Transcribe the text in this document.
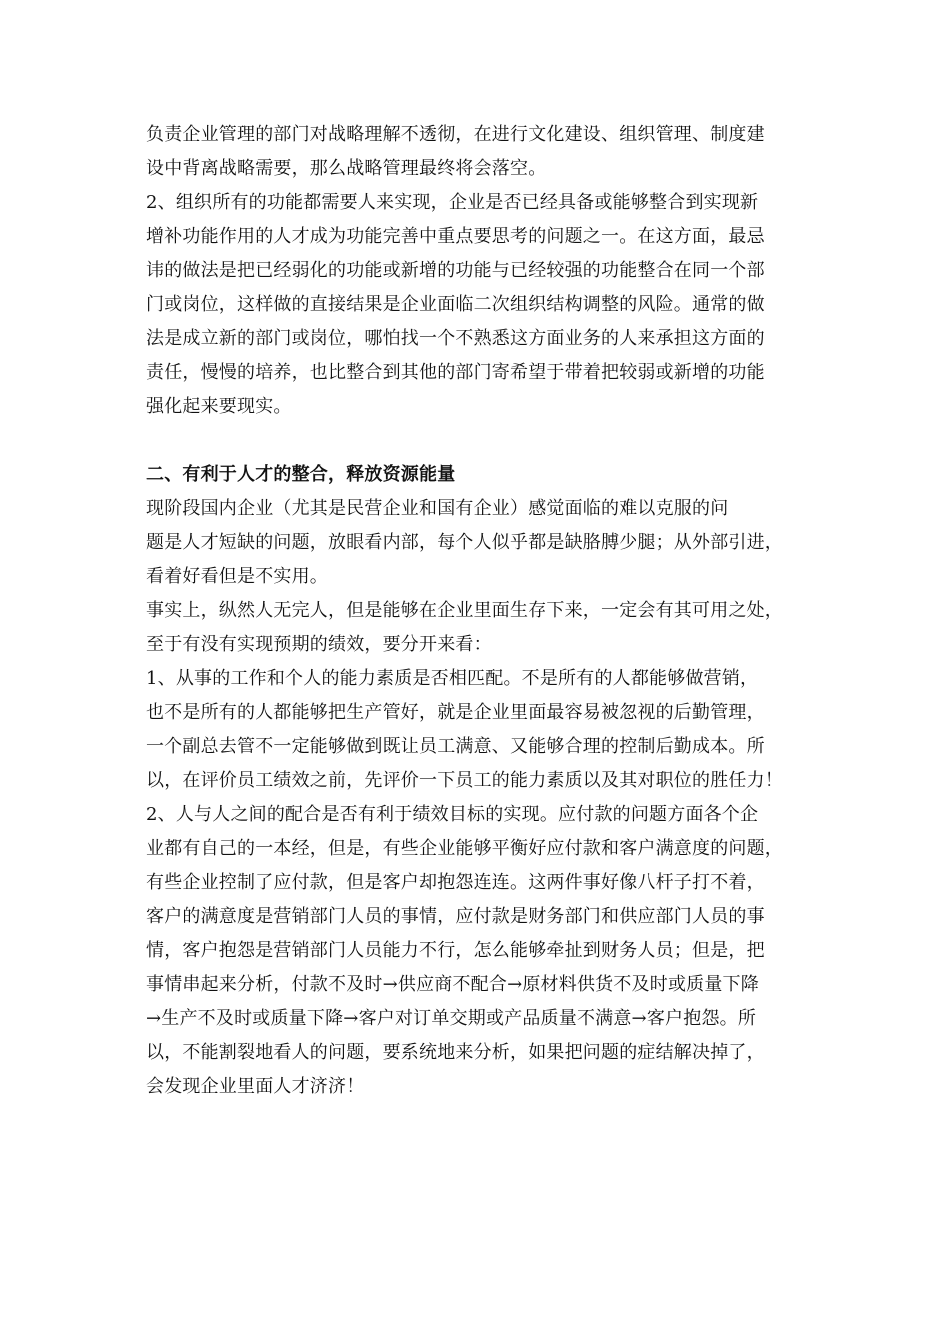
负责企业管理的部门对战略理解不透彻，在进行文化建设、组织管理、制度建
设中背离战略需要，那么战略管理最终将会落空。
2、组织所有的功能都需要人来实现，企业是否已经具备或能够整合到实现新
增补功能作用的人才成为功能完善中重点要思考的问题之一。在这方面，最忌
讳的做法是把已经弱化的功能或新增的功能与已经较强的功能整合在同一个部
门或岗位，这样做的直接结果是企业面临二次组织结构调整的风险。通常的做
法是成立新的部门或岗位，哪怕找一个不熟悉这方面业务的人来承担这方面的
责任，慢慢的培养，也比整合到其他的部门寄希望于带着把较弱或新增的功能
强化起来要现实。
二、有利于人才的整合，释放资源能量
现阶段国内企业（尤其是民营企业和国有企业）感觉面临的难以克服的问
题是人才短缺的问题，放眼看内部，每个人似乎都是缺胳膊少腿；从外部引进，
看着好看但是不实用。
事实上，纵然人无完人，但是能够在企业里面生存下来，一定会有其可用之处，
至于有没有实现预期的绩效，要分开来看：
1、从事的工作和个人的能力素质是否相匹配。不是所有的人都能够做营销，
也不是所有的人都能够把生产管好，就是企业里面最容易被忽视的后勤管理，
一个副总去管不一定能够做到既让员工满意、又能够合理的控制后勤成本。所
以，在评价员工绩效之前，先评价一下员工的能力素质以及其对职位的胜任力！
2、人与人之间的配合是否有利于绩效目标的实现。应付款的问题方面各个企
业都有自己的一本经，但是，有些企业能够平衡好应付款和客户满意度的问题，
有些企业控制了应付款，但是客户却抱怨连连。这两件事好像八杆子打不着，
客户的满意度是营销部门人员的事情，应付款是财务部门和供应部门人员的事
情，客户抱怨是营销部门人员能力不行，怎么能够牵扯到财务人员；但是，把
事情串起来分析，付款不及时→供应商不配合→原材料供货不及时或质量下降
→生产不及时或质量下降→客户对订单交期或产品质量不满意→客户抱怨。所
以，不能割裂地看人的问题，要系统地来分析，如果把问题的症结解决掉了，
会发现企业里面人才济济！
